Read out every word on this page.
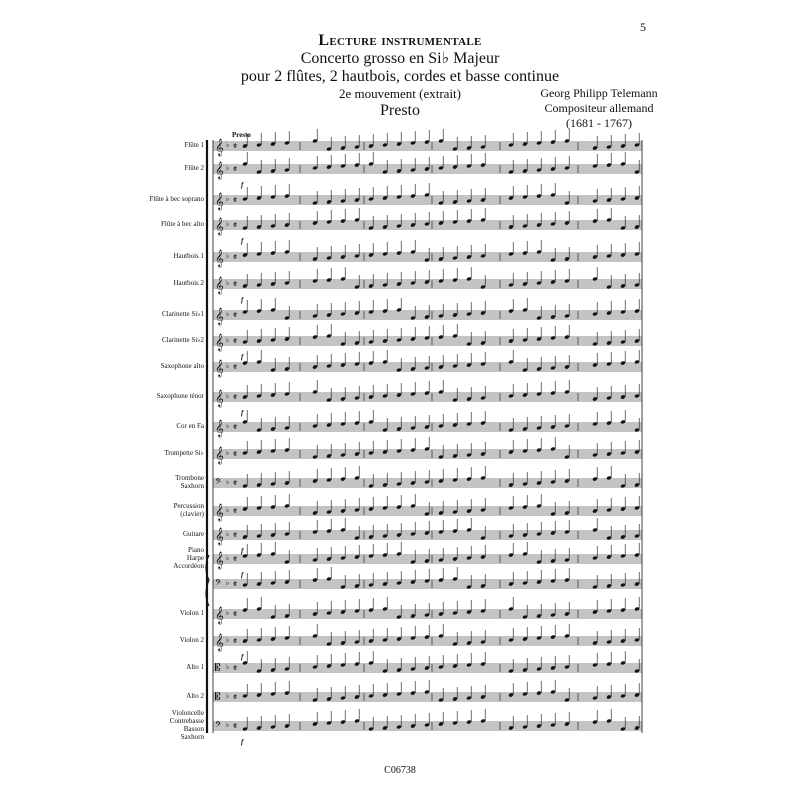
5
Lecture instrumentale
Concerto grosso en Si♭ Majeur
pour 2 flûtes, 2 hautbois, cordes et basse continue
2e mouvement (extrait)
Presto
Georg Philipp Telemann
Compositeur allemand
(1681 - 1767)
Presto
Flûte 1 𝄞 ♭ 𝄵
Flûte 2 𝄞 ♭ 𝄵
f
Flûte à bec soprano 𝄞 ♭ 𝄵
Flûte à bec alto 𝄞 ♭ 𝄵
f
Hautbois 1 𝄞 ♭ 𝄵
Hautbois 2 𝄞 ♭ 𝄵
f
Clarinette Si♭1 𝄞 ♭ 𝄵
Clarinette Si♭2 𝄞 ♭ 𝄵
f
Saxophone alto 𝄞 ♭ 𝄵
Saxophone ténor 𝄞 ♭ 𝄵
f
Cor en Fa 𝄞 ♭ 𝄵
Trompette Si♭ 𝄞 ♭ 𝄵
Trombone Saxhorn 𝄢 ♭ 𝄵
Percussion (clavier) 𝄞 ♭ 𝄵
Guitare 𝄞 ♭ 𝄵
f
Piano Harpe Accordéon 𝄞 ♭ 𝄵
f
𝄢 ♭ 𝄵
Violon 1 𝄞 ♭ 𝄵
Violon 2 𝄞 ♭ 𝄵
f
Alto 1 𝄡 ♭ 𝄵
Alto 2 𝄡 ♭ 𝄵
Violoncelle Contrebasse Basson Saxhorn
𝄢 ♭ 𝄵
f
C06738
